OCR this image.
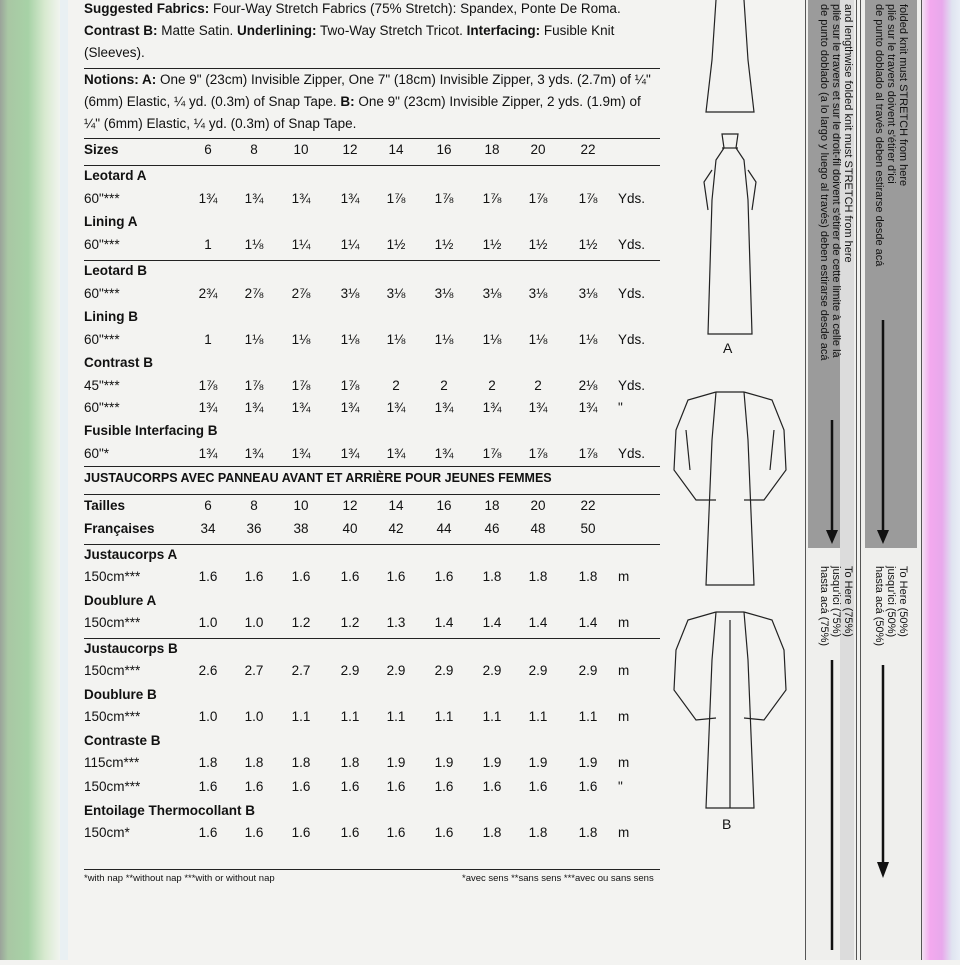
Suggested Fabrics: Four-Way Stretch Fabrics (75% Stretch): Spandex, Ponte De Roma. Contrast B: Matte Satin. Underlining: Two-Way Stretch Tricot. Interfacing: Fusible Knit (Sleeves).

Notions: A: One 9" (23cm) Invisible Zipper, One 7" (18cm) Invisible Zipper, 3 yds. (2.7m) of ¼" (6mm) Elastic, ¼ yd. (0.3m) of Snap Tape. B: One 9" (23cm) Invisible Zipper, 2 yds. (1.9m) of ¼" (6mm) Elastic, ¼ yd. (0.3m) of Snap Tape.

Sizes	6	8	10	12	14	16	18	20	22
Leotard A
60"***	1¾	1¾	1¾	1¾	1⅞	1⅞	1⅞	1⅞	1⅞	Yds.
Lining A
60"***	1	1⅛	1¼	1¼	1½	1½	1½	1½	1½	Yds.
Leotard B
60"***	2¾	2⅞	2⅞	3⅛	3⅛	3⅛	3⅛	3⅛	3⅛	Yds.
Lining B
60"***	1	1⅛	1⅛	1⅛	1⅛	1⅛	1⅛	1⅛	1⅛	Yds.
Contrast B
45"***	1⅞	1⅞	1⅞	1⅞	2	2	2	2	2⅛	Yds.
60"***	1¾	1¾	1¾	1¾	1¾	1¾	1¾	1¾	1¾	"
Fusible Interfacing B
60"*	1¾	1¾	1¾	1¾	1¾	1¾	1⅞	1⅞	1⅞	Yds.
JUSTAUCORPS AVEC PANNEAU AVANT ET ARRIÈRE POUR JEUNES FEMMES
Tailles	6	8	10	12	14	16	18	20	22
Françaises	34	36	38	40	42	44	46	48	50
Justaucorps A
150cm***	1.6	1.6	1.6	1.6	1.6	1.6	1.8	1.8	1.8	m
Doublure A
150cm***	1.0	1.0	1.2	1.2	1.3	1.4	1.4	1.4	1.4	m
Justaucorps B
150cm***	2.6	2.7	2.7	2.9	2.9	2.9	2.9	2.9	2.9	m
Doublure B
150cm***	1.0	1.0	1.1	1.1	1.1	1.1	1.1	1.1	1.1	m
Contraste B
115cm***	1.8	1.8	1.8	1.8	1.9	1.9	1.9	1.9	1.9	m
150cm***	1.6	1.6	1.6	1.6	1.6	1.6	1.6	1.6	1.6	"
Entoilage Thermocollant B
150cm*	1.6	1.6	1.6	1.6	1.6	1.6	1.8	1.8	1.8	m
*with nap **without nap ***with or without nap	*avec sens **sans sens ***avec ou sans sens
A
B
and lengthwise folded knit must STRETCH from here
plié sur le travers et sur le droit-fil doivent s'étirer de cette limite à celle là
de punto doblado (a lo largo y luego al través) deben estirarse desde acá
To Here (75%)
jusqu'ici (75%)
hasta acá (75%)
folded knit must STRETCH from here
plié sur le travers doivent s'étirer d'ici
de punto doblado al través deben estirarse desde acá
To Here (50%)
jusqu'ici (50%)
hasta acá (50%)
